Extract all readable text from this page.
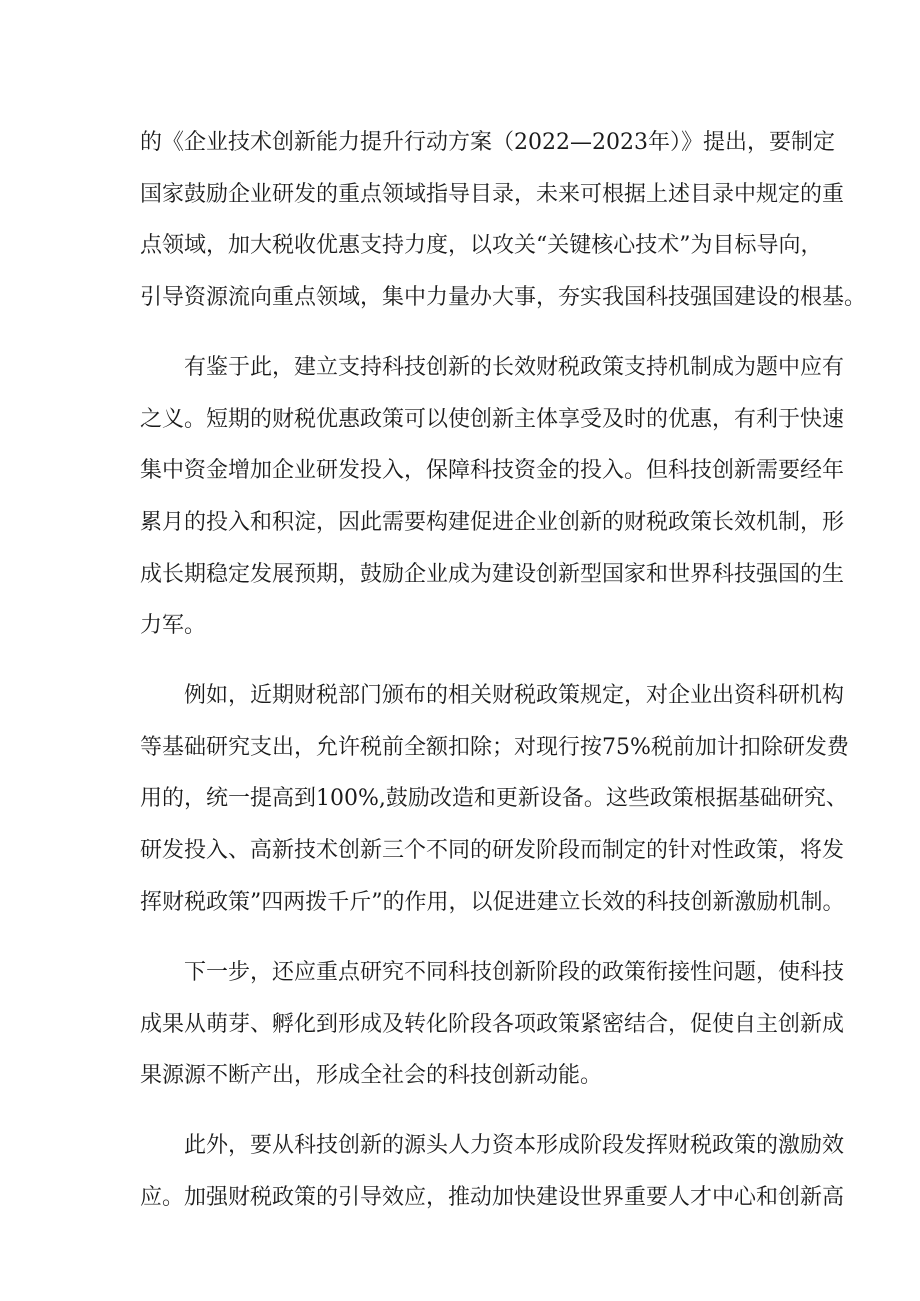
的《企业技术创新能力提升行动方案（2022—2023年）》提出，要制定
国家鼓励企业研发的重点领域指导目录，未来可根据上述目录中规定的重
点领域，加大税收优惠支持力度，以攻关“关键核心技术”为目标导向，
引导资源流向重点领域，集中力量办大事，夯实我国科技强国建设的根基。
有鉴于此，建立支持科技创新的长效财税政策支持机制成为题中应有
之义。短期的财税优惠政策可以使创新主体享受及时的优惠，有利于快速
集中资金增加企业研发投入，保障科技资金的投入。但科技创新需要经年
累月的投入和积淀，因此需要构建促进企业创新的财税政策长效机制，形
成长期稳定发展预期，鼓励企业成为建设创新型国家和世界科技强国的生
力军。
例如，近期财税部门颁布的相关财税政策规定，对企业出资科研机构
等基础研究支出，允许税前全额扣除；对现行按75%税前加计扣除研发费
用的，统一提高到100%,鼓励改造和更新设备。这些政策根据基础研究、
研发投入、高新技术创新三个不同的研发阶段而制定的针对性政策，将发
挥财税政策”四两拨千斤”的作用，以促进建立长效的科技创新激励机制。
下一步，还应重点研究不同科技创新阶段的政策衔接性问题，使科技
成果从萌芽、孵化到形成及转化阶段各项政策紧密结合，促使自主创新成
果源源不断产出，形成全社会的科技创新动能。
此外，要从科技创新的源头人力资本形成阶段发挥财税政策的激励效
应。加强财税政策的引导效应，推动加快建设世界重要人才中心和创新高
